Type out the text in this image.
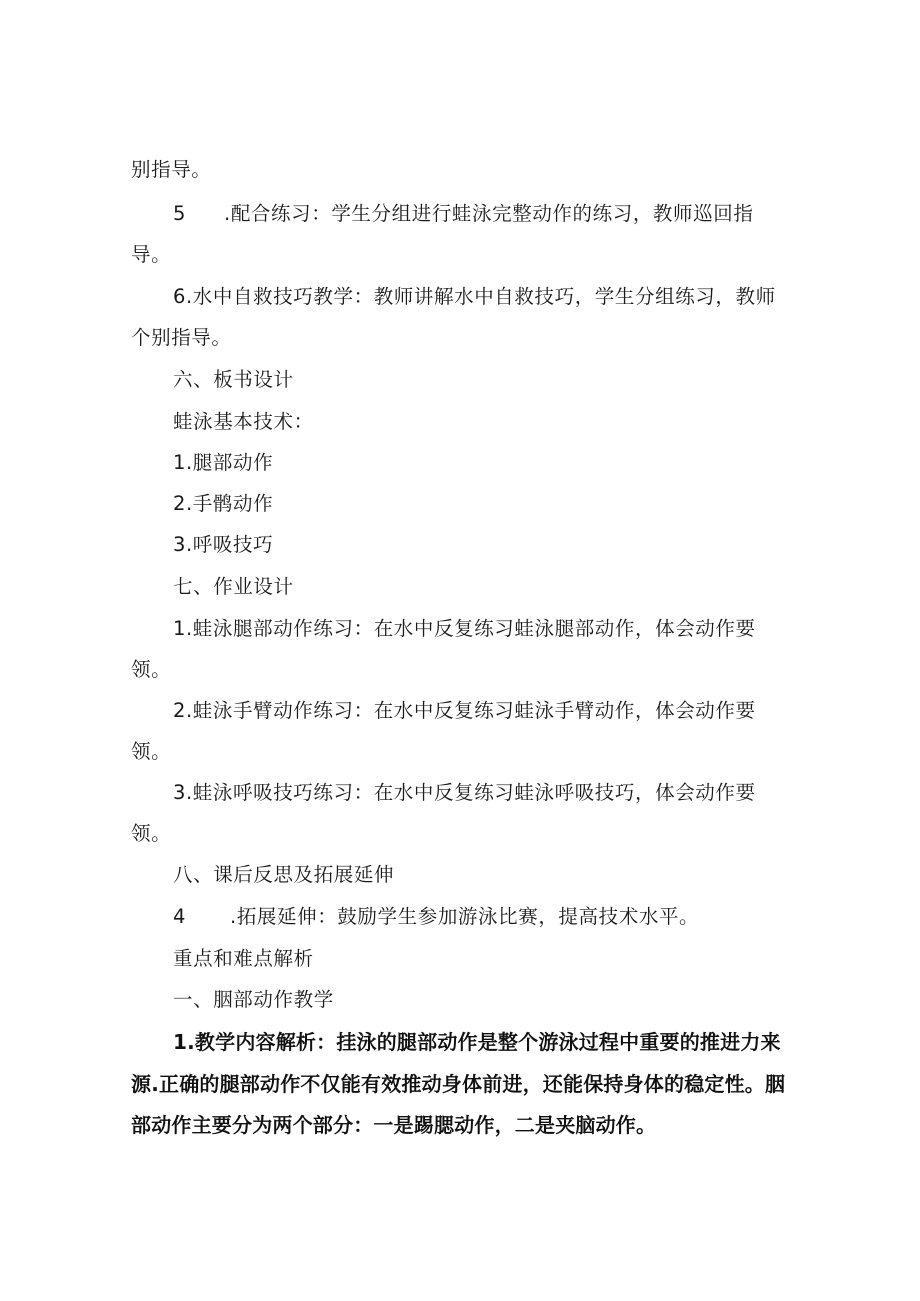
别指导。
5 .配合练习：学生分组进行蛙泳完整动作的练习，教师巡回指
导。
6.水中自救技巧教学：教师讲解水中自救技巧，学生分组练习，教师
个别指导。
六、板书设计
蛙泳基本技术：
1.腿部动作
2.手鹘动作
3.呼吸技巧
七、作业设计
1.蛙泳腿部动作练习：在水中反复练习蛙泳腿部动作，体会动作要
领。
2.蛙泳手臂动作练习：在水中反复练习蛙泳手臂动作，体会动作要
领。
3.蛙泳呼吸技巧练习：在水中反复练习蛙泳呼吸技巧，体会动作要
领。
八、课后反思及拓展延伸
4 .拓展延伸：鼓励学生参加游泳比赛，提高技术水平。
重点和难点解析
一、胭部动作教学
1.教学内容解析：挂泳的腿部动作是整个游泳过程中重要的推进力来
源.正确的腿部动作不仅能有效推动身体前进，还能保持身体的稳定性。胭
部动作主要分为两个部分：一是踢腮动作，二是夹脑动作。
